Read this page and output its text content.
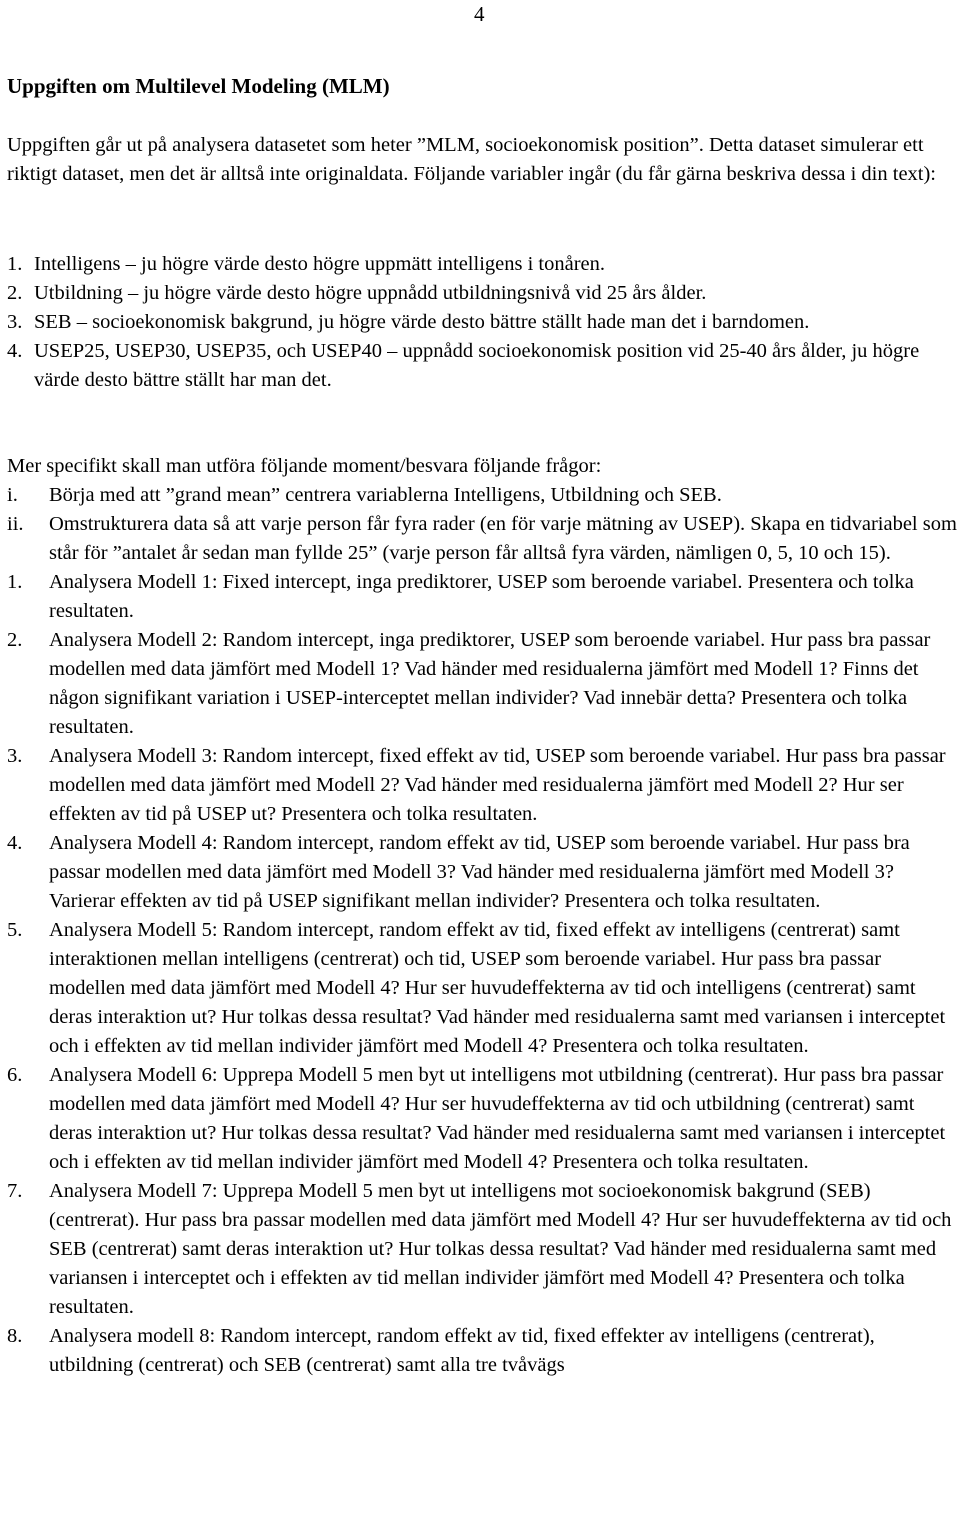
4
Uppgiften om Multilevel Modeling (MLM)

Uppgiften går ut på analysera datasetet som heter ”MLM, socioekonomisk position”. Detta dataset simulerar ett riktigt dataset, men det är alltså inte originaldata. Följande variabler ingår (du får gärna beskriva dessa i din text):

1. Intelligens – ju högre värde desto högre uppmätt intelligens i tonåren.
2. Utbildning – ju högre värde desto högre uppnådd utbildningsnivå vid 25 års ålder.
3. SEB – socioekonomisk bakgrund, ju högre värde desto bättre ställt hade man det i barndomen.
4. USEP25, USEP30, USEP35, och USEP40 – uppnådd socioekonomisk position vid 25-40 års ålder, ju högre värde desto bättre ställt har man det.

Mer specifikt skall man utföra följande moment/besvara följande frågor:

i.	Börja med att ”grand mean” centrera variablerna Intelligens, Utbildning och SEB.
ii.	Omstrukturera data så att varje person får fyra rader (en för varje mätning av USEP). Skapa en tidvariabel som står för ”antalet år sedan man fyllde 25” (varje person får alltså fyra värden, nämligen 0, 5, 10 och 15).
1.	Analysera Modell 1: Fixed intercept, inga prediktorer, USEP som beroende variabel. Presentera och tolka resultaten.
2.	Analysera Modell 2: Random intercept, inga prediktorer, USEP som beroende variabel. Hur pass bra passar modellen med data jämfört med Modell 1? Vad händer med residualerna jämfört med Modell 1? Finns det någon signifikant variation i USEP-interceptet mellan individer? Vad innebär detta? Presentera och tolka resultaten.
3.	Analysera Modell 3: Random intercept, fixed effekt av tid, USEP som beroende variabel. Hur pass bra passar modellen med data jämfört med Modell 2? Vad händer med residualerna jämfört med Modell 2? Hur ser effekten av tid på USEP ut? Presentera och tolka resultaten.
4.	Analysera Modell 4: Random intercept, random effekt av tid, USEP som beroende variabel. Hur pass bra passar modellen med data jämfört med Modell 3? Vad händer med residualerna jämfört med Modell 3? Varierar effekten av tid på USEP signifikant mellan individer? Presentera och tolka resultaten.
5.	Analysera Modell 5: Random intercept, random effekt av tid, fixed effekt av intelligens (centrerat) samt interaktionen mellan intelligens (centrerat) och tid, USEP som beroende variabel. Hur pass bra passar modellen med data jämfört med Modell 4? Hur ser huvudeffekterna av tid och intelligens (centrerat) samt deras interaktion ut? Hur tolkas dessa resultat? Vad händer med residualerna samt med variansen i interceptet och i effekten av tid mellan individer jämfört med Modell 4? Presentera och tolka resultaten.
6.	Analysera Modell 6: Upprepa Modell 5 men byt ut intelligens mot utbildning (centrerat). Hur pass bra passar modellen med data jämfört med Modell 4? Hur ser huvudeffekterna av tid och utbildning (centrerat) samt deras interaktion ut? Hur tolkas dessa resultat? Vad händer med residualerna samt med variansen i interceptet och i effekten av tid mellan individer jämfört med Modell 4? Presentera och tolka resultaten.
7.	Analysera Modell 7: Upprepa Modell 5 men byt ut intelligens mot socioekonomisk bakgrund (SEB) (centrerat). Hur pass bra passar modellen med data jämfört med Modell 4? Hur ser huvudeffekterna av tid och SEB (centrerat) samt deras interaktion ut? Hur tolkas dessa resultat? Vad händer med residualerna samt med variansen i interceptet och i effekten av tid mellan individer jämfört med Modell 4? Presentera och tolka resultaten.
8.	Analysera modell 8: Random intercept, random effekt av tid, fixed effekter av intelligens (centrerat), utbildning (centrerat) och SEB (centrerat) samt alla tre tvåvägs
